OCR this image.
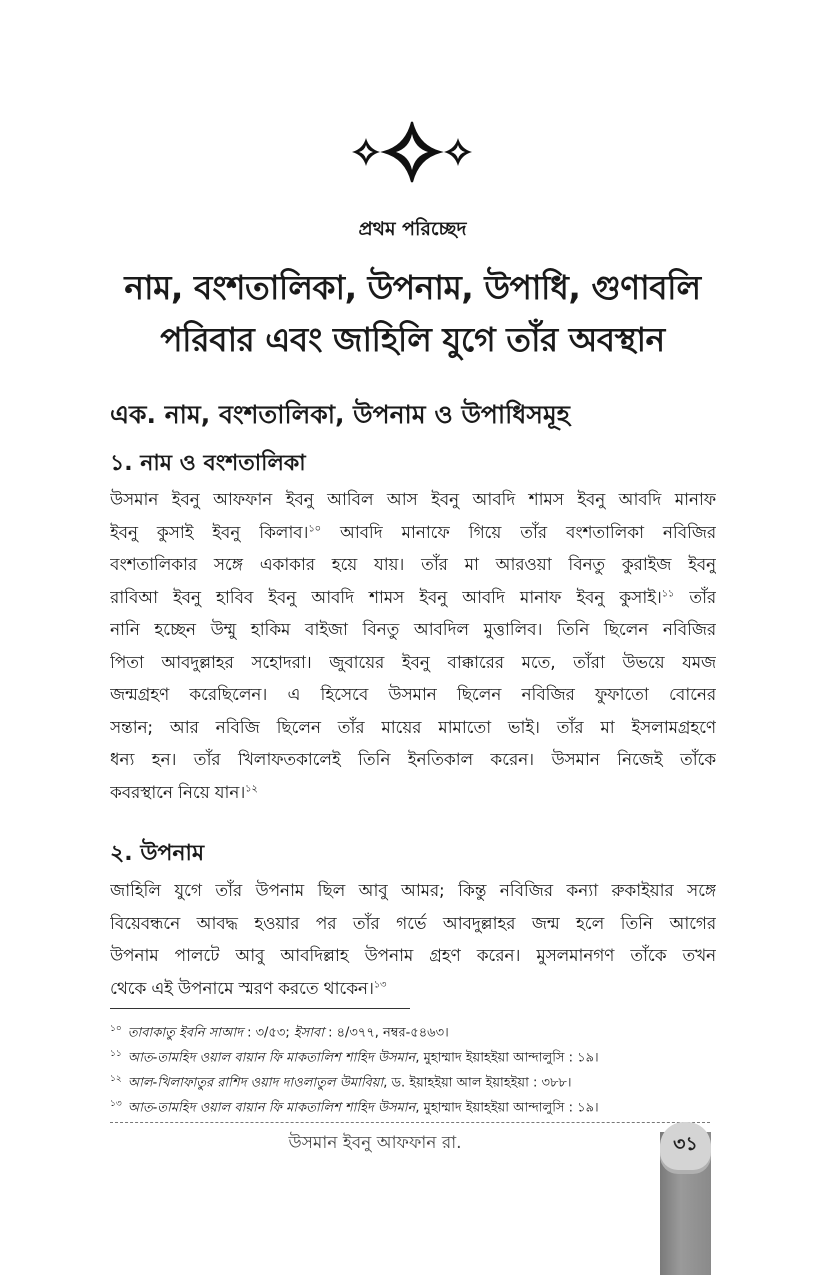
প্রথম পরিচ্ছেদ
নাম, বংশতালিকা, উপনাম, উপাধি, গুণাবলি
পরিবার এবং জাহিলি যুগে তাঁর অবস্থান
এক. নাম, বংশতালিকা, উপনাম ও উপাধিসমূহ
১. নাম ও বংশতালিকা
উসমান ইবনু আফফান ইবনু আবিল আস ইবনু আবদি শামস ইবনু আবদি মানাফ
ইবনু কুসাই ইবনু কিলাব।$^{১০}$ আবদি মানাফে গিয়ে তাঁর বংশতালিকা নবিজির
বংশতালিকার সঙ্গে একাকার হয়ে যায়। তাঁর মা আরওয়া বিনতু কুরাইজ ইবনু
রাবিআ ইবনু হাবিব ইবনু আবদি শামস ইবনু আবদি মানাফ ইবনু কুসাই।$^{১১}$ তাঁর
নানি হচ্ছেন উম্মু হাকিম বাইজা বিনতু আবদিল মুত্তালিব। তিনি ছিলেন নবিজির
পিতা আবদুল্লাহর সহোদরা। জুবায়ের ইবনু বাক্কারের মতে, তাঁরা উভয়ে যমজ
জন্মগ্রহণ করেছিলেন। এ হিসেবে উসমান ছিলেন নবিজির ফুফাতো বোনের
সন্তান; আর নবিজি ছিলেন তাঁর মায়ের মামাতো ভাই। তাঁর মা ইসলামগ্রহণে
ধন্য হন। তাঁর খিলাফতকালেই তিনি ইনতিকাল করেন। উসমান নিজেই তাঁকে
কবরস্থানে নিয়ে যান।$^{১২}$
২. উপনাম
জাহিলি যুগে তাঁর উপনাম ছিল আবু আমর; কিন্তু নবিজির কন্যা রুকাইয়ার সঙ্গে
বিয়েবন্ধনে আবদ্ধ হওয়ার পর তাঁর গর্ভে আবদুল্লাহর জন্ম হলে তিনি আগের
উপনাম পালটে আবু আবদিল্লাহ উপনাম গ্রহণ করেন। মুসলমানগণ তাঁকে তখন
থেকে এই উপনামে স্মরণ করতে থাকেন।$^{১৩}$
$^{১০}$ তাবাকাতু ইবনি সাআদ : ৩/৫৩; ইসাবা : ৪/৩৭৭, নম্বর-৫৪৬৩।
$^{১১}$ আত-তামহিদ ওয়াল বায়ান ফি মাকতালিশ শাহিদ উসমান, মুহাম্মাদ ইয়াহইয়া আন্দালুসি : ১৯।
$^{১২}$ আল-খিলাফাতুর রাশিদ ওয়াদ দাওলাতুল উমাবিয়া, ড. ইয়াহইয়া আল ইয়াহইয়া : ৩৮৮।
$^{১৩}$ আত-তামহিদ ওয়াল বায়ান ফি মাকতালিশ শাহিদ উসমান, মুহাম্মাদ ইয়াহইয়া আন্দালুসি : ১৯।
উসমান ইবনু আফফান রা.	৩১
